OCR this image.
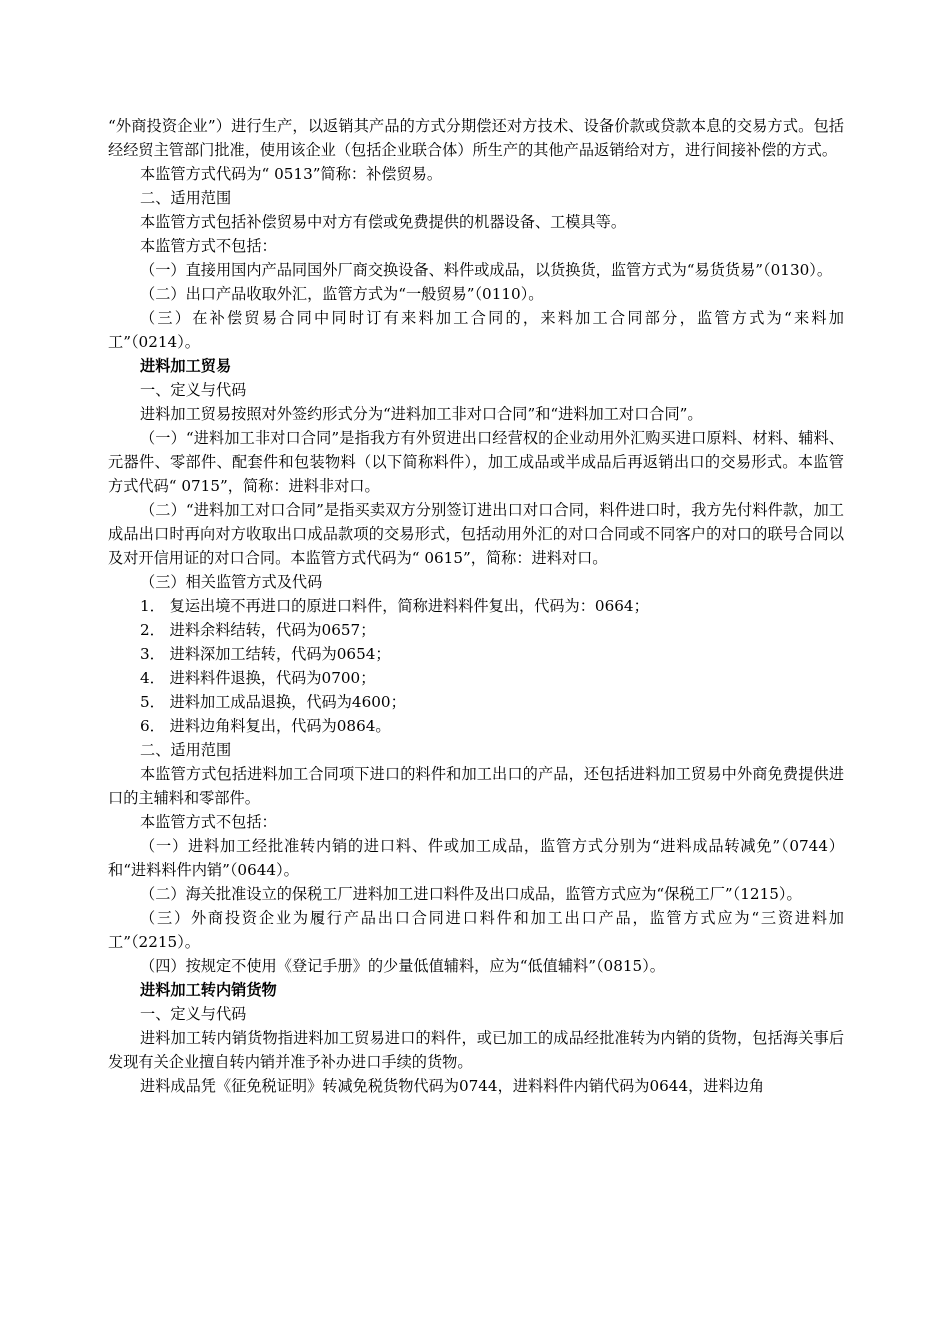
“外商投资企业”）进行生产，以返销其产品的方式分期偿还对方技术、设备价款或贷款本息的交易方式。包括经经贸主管部门批准，使用该企业（包括企业联合体）所生产的其他产品返销给对方，进行间接补偿的方式。

本监管方式代码为“ 0513”简称：补偿贸易。

二、适用范围

本监管方式包括补偿贸易中对方有偿或免费提供的机器设备、工模具等。

本监管方式不包括：

（一）直接用国内产品同国外厂商交换设备、料件或成品，以货换货，监管方式为“易货货易”（0130）。

（二）出口产品收取外汇，监管方式为“一般贸易”（0110）。

（三）在补偿贸易合同中同时订有来料加工合同的，来料加工合同部分，监管方式为“来料加工”（0214）。

进料加工贸易

一、定义与代码

进料加工贸易按照对外签约形式分为“进料加工非对口合同”和“进料加工对口合同”。

（一）“进料加工非对口合同”是指我方有外贸进出口经营权的企业动用外汇购买进口原料、材料、辅料、元器件、零部件、配套件和包装物料（以下简称料件），加工成品或半成品后再返销出口的交易形式。本监管方式代码“ 0715”，简称：进料非对口。

（二）“进料加工对口合同”是指买卖双方分别签订进出口对口合同，料件进口时，我方先付料件款，加工成品出口时再向对方收取出口成品款项的交易形式，包括动用外汇的对口合同或不同客户的对口的联号合同以及对开信用证的对口合同。本监管方式代码为“ 0615”，简称：进料对口。

（三）相关监管方式及代码

1． 复运出境不再进口的原进口料件，简称进料料件复出，代码为：0664；

2． 进料余料结转，代码为0657；

3． 进料深加工结转，代码为0654；

4． 进料料件退换，代码为0700；

5． 进料加工成品退换，代码为4600；

6． 进料边角料复出，代码为0864。

二、适用范围

本监管方式包括进料加工合同项下进口的料件和加工出口的产品，还包括进料加工贸易中外商免费提供进口的主辅料和零部件。

本监管方式不包括：

（一）进料加工经批准转内销的进口料、件或加工成品，监管方式分别为“进料成品转减免”（0744）和“进料料件内销”（0644）。

（二）海关批准设立的保税工厂进料加工进口料件及出口成品，监管方式应为“保税工厂”（1215）。

（三）外商投资企业为履行产品出口合同进口料件和加工出口产品，监管方式应为“三资进料加工”（2215）。

（四）按规定不使用《登记手册》的少量低值辅料，应为“低值辅料”（0815）。

进料加工转内销货物

一、定义与代码

进料加工转内销货物指进料加工贸易进口的料件，或已加工的成品经批准转为内销的货物，包括海关事后发现有关企业擅自转内销并准予补办进口手续的货物。

进料成品凭《征免税证明》转减免税货物代码为0744，进料料件内销代码为0644，进料边角
